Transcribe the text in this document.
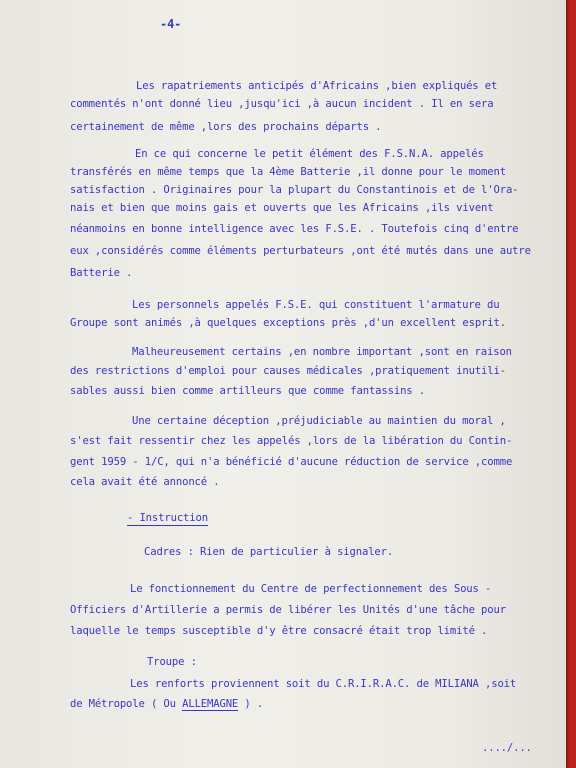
-4-
Les rapatriements anticipés d'Africains ,bien expliqués et
commentés n'ont donné lieu ,jusqu'ici ,à aucun incident . Il en sera
certainement de même ,lors des prochains départs .
En ce qui concerne le petit élément des F.S.N.A. appelés
transférés en même temps que la 4ème Batterie ,il donne pour le moment
satisfaction . Originaires pour la plupart du Constantinois et de l'Ora-
nais et bien que moins gais et ouverts que les Africains ,ils vivent
néanmoins en bonne intelligence avec les F.S.E. . Toutefois cinq d'entre
eux ,considérés comme éléments perturbateurs ,ont été mutés dans une autre
Batterie .
Les personnels appelés F.S.E. qui constituent l'armature du
Groupe sont animés ,à quelques exceptions près ,d'un excellent esprit.
Malheureusement certains ,en nombre important ,sont en raison
des restrictions d'emploi pour causes médicales ,pratiquement inutili-
sables aussi bien comme artilleurs que comme fantassins .
Une certaine déception ,préjudiciable au maintien du moral ,
s'est fait ressentir chez les appelés ,lors de la libération du Contin-
gent 1959 - 1/C, qui n'a bénéficié d'aucune réduction de service ,comme
cela avait été annoncé .
- Instruction
Cadres : Rien de particulier à signaler.
Le fonctionnement du Centre de perfectionnement des Sous -
Officiers d'Artillerie a permis de libérer les Unités d'une tâche pour
laquelle le temps susceptible d'y être consacré était trop limité .
Troupe :
Les renforts proviennent soit du C.R.I.R.A.C. de MILIANA ,soit
de Métropole ( Ou ALLEMAGNE ) .
..../...
